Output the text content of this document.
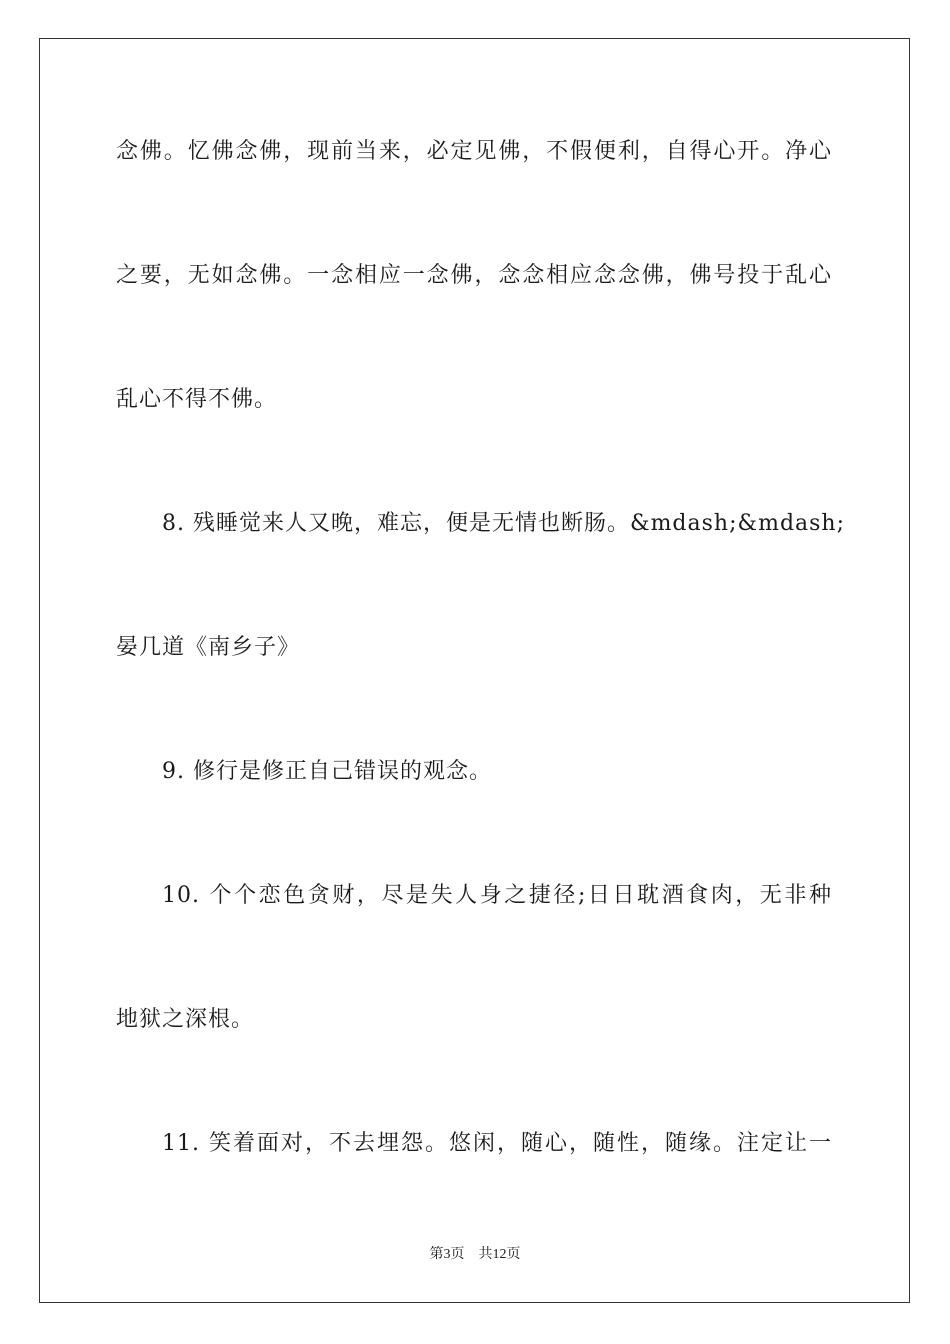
念佛。忆佛念佛，现前当来，必定见佛，不假便利，自得心开。净心
之要，无如念佛。一念相应一念佛，念念相应念念佛，佛号投于乱心
乱心不得不佛。
8. 残睡觉来人又晚，难忘，便是无情也断肠。&mdash;&mdash;
晏几道《南乡子》
9. 修行是修正自己错误的观念。
10. 个个恋色贪财，尽是失人身之捷径;日日耽酒食肉，无非种
地狱之深根。
11. 笑着面对，不去埋怨。悠闲，随心，随性，随缘。注定让一
第3页 共12页
